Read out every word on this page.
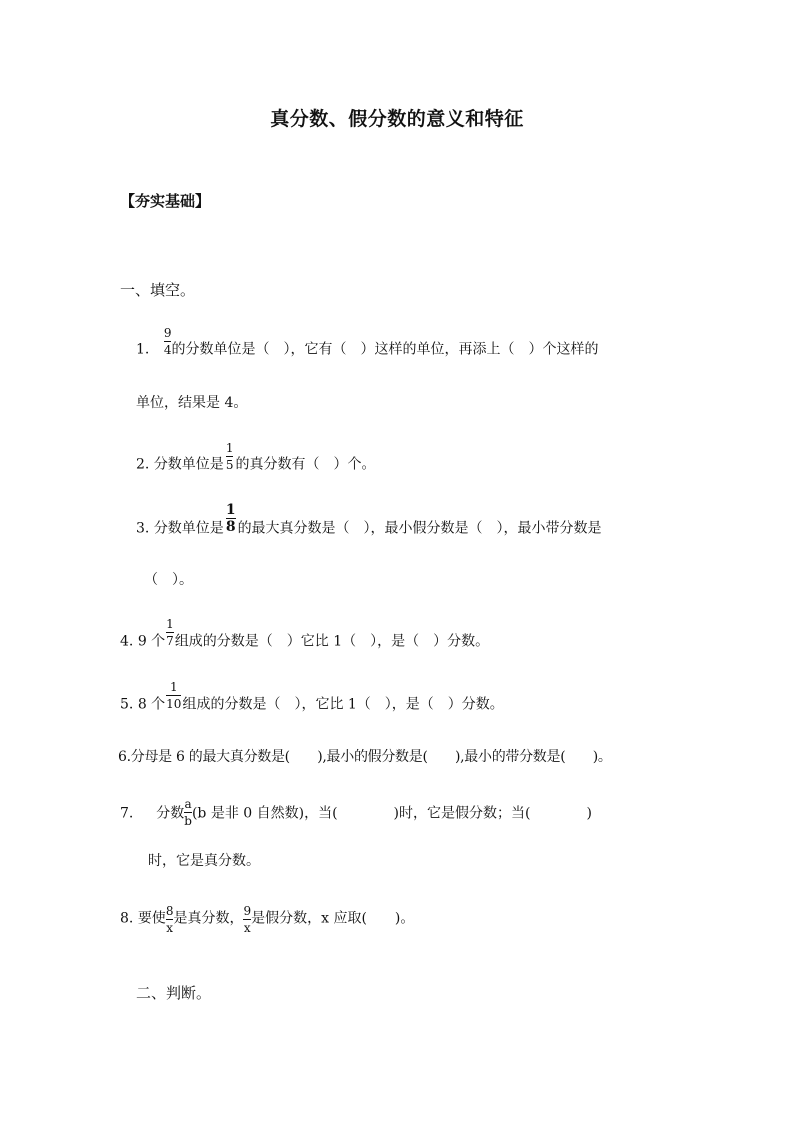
真分数、假分数的意义和特征
【夯实基础】
一、填空。
1. $\frac{9}{4}$ 的分数单位是（　），它有（　）这样的单位，再添上（　）个这样的
单位，结果是 4。
2. 分数单位是 $\frac{1}{5}$ 的真分数有（　）个。
3. 分数单位是 $\frac{1}{8}$ 的最大真分数是（　），最小假分数是（　），最小带分数是
（　）。
4. 9 个 $\frac{1}{7}$ 组成的分数是（　）它比 1（　），是（　）分数。
5. 8 个 $\frac{1}{10}$ 组成的分数是（　），它比 1（　），是（　）分数。
6.分母是 6 的最大真分数是(　　),最小的假分数是(　　),最小的带分数是(　　)。
7. 分数 $\frac{a}{b} (b$ 是非 0 自然数)，当(　　　　)时，它是假分数；当(　　　　)
时，它是真分数。
8. 要使 $\frac{8}{x}$ 是真分数， $\frac{9}{x}$ 是假分数，x 应取(　　)。
二、判断。
